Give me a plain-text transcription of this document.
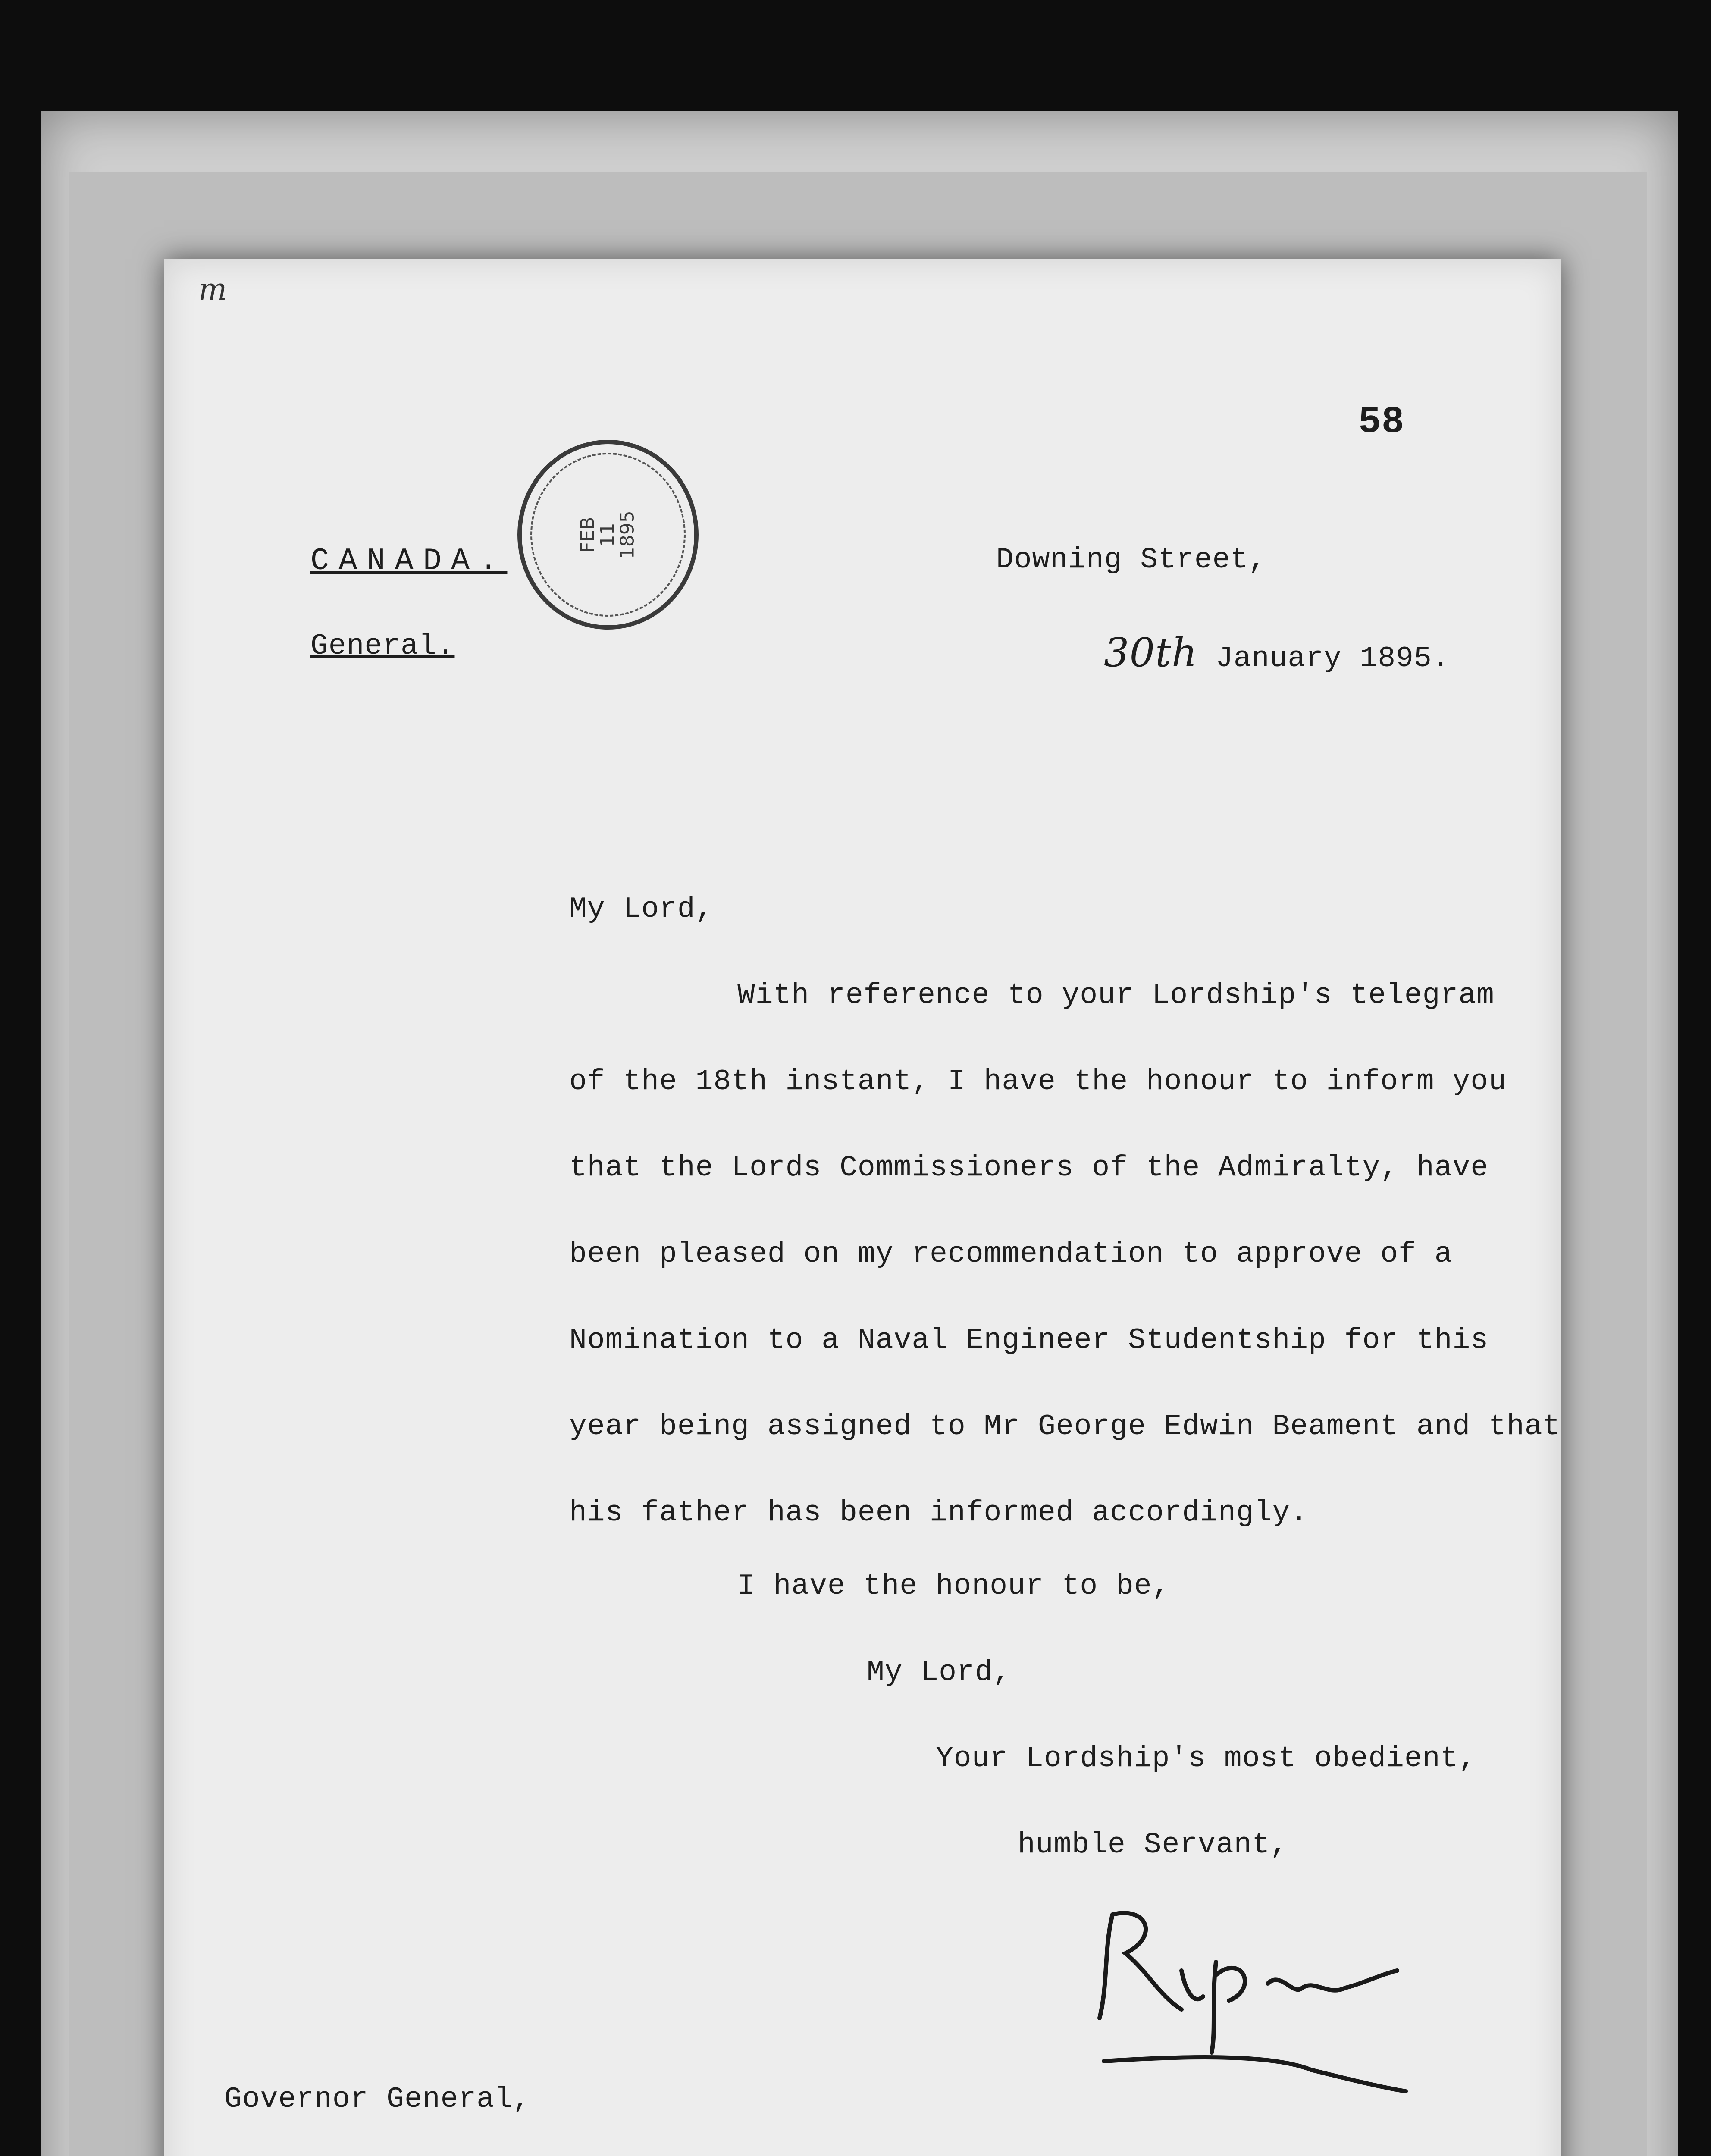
m
58
FEB
11
1895
CANADA.
General.
Downing Street,
30th January 1895.
My Lord,
With reference to your Lordship's telegram
of the 18th instant, I have the honour to inform you
that the Lords Commissioners of the Admiralty, have
been pleased on my recommendation to approve of a
Nomination to a Naval Engineer Studentship for this
year being assigned to Mr George Edwin Beament and that
his father has been informed accordingly.
I have the honour to be,
My Lord,
Your Lordship's most obedient,
humble Servant,
Governor General,
